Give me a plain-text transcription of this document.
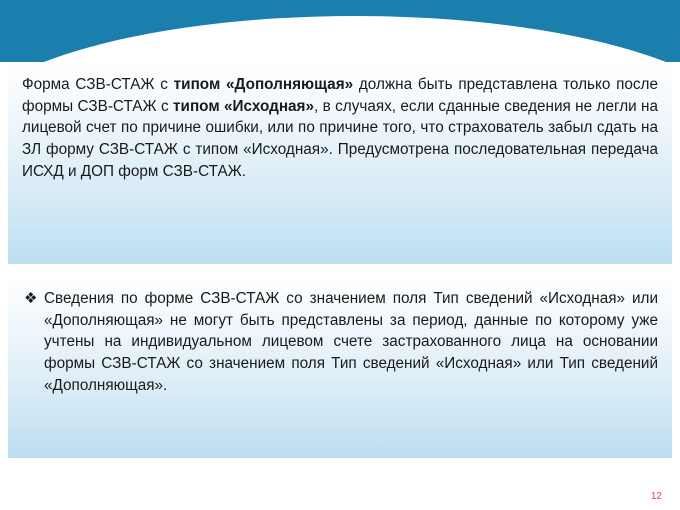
Форма СЗВ-СТАЖ с типом «Дополняющая» должна быть представлена только после формы СЗВ-СТАЖ с типом «Исходная», в случаях, если сданные сведения не легли на лицевой счет по причине ошибки, или по причине того, что страхователь забыл сдать на ЗЛ форму СЗВ-СТАЖ с типом «Исходная». Предусмотрена последовательная передача ИСХД и ДОП форм СЗВ-СТАЖ.

❖ Сведения по форме СЗВ-СТАЖ со значением поля Тип сведений «Исходная» или «Дополняющая» не могут быть представлены за период, данные по которому уже учтены на индивидуальном лицевом счете застрахованного лица на основании формы СЗВ-СТАЖ со значением поля Тип сведений «Исходная» или Тип сведений «Дополняющая».

12
